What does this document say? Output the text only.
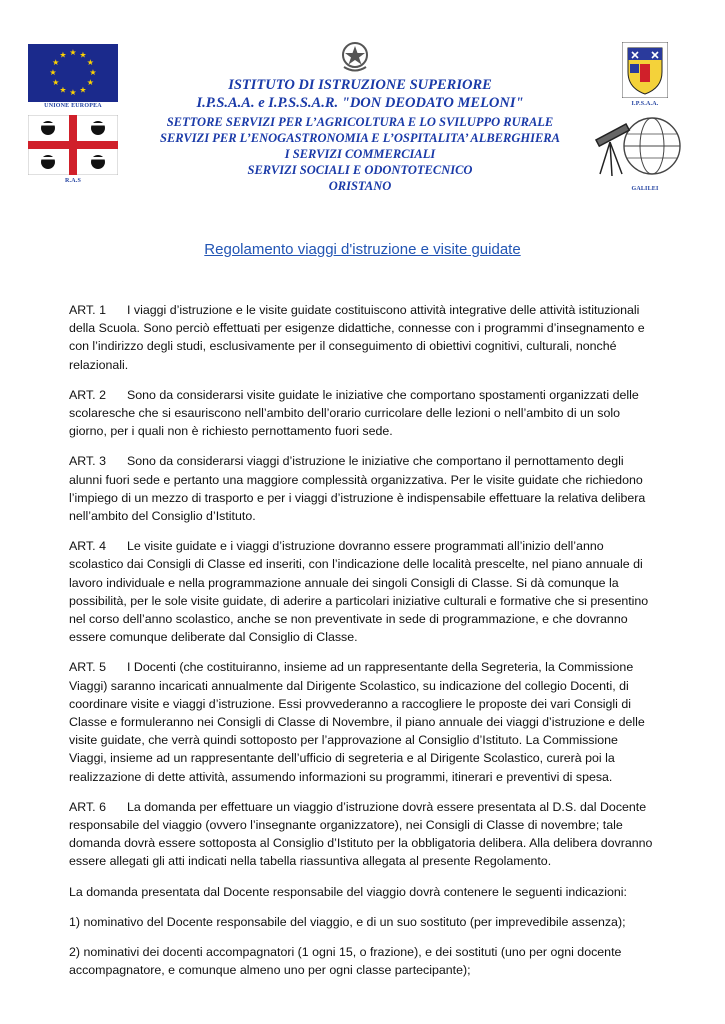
★ ★
★
★
★
★
★
★
★
★
★
★
UNIONE EUROPEA
R.A.S
ISTITUTO DI ISTRUZIONE SUPERIORE
I.P.S.A.A. e I.P.S.S.A.R. "DON DEODATO MELONI"
SETTORE SERVIZI PER L’AGRICOLTURA E LO SVILUPPO RURALE
SERVIZI PER L’ENOGASTRONOMIA E L’OSPITALITA’ ALBERGHIERA
I SERVIZI COMMERCIALI
SERVIZI SOCIALI E ODONTOTECNICO
ORISTANO
I.P.S.A.A.
GALILEI
Regolamento viaggi d'istruzione e visite guidate

ART. 1 I viaggi d’istruzione e le visite guidate costituiscono attività integrative delle attività istituzionali della Scuola. Sono perciò effettuati per esigenze didattiche, connesse con i programmi d’insegnamento e con l’indirizzo degli studi, esclusivamente per il conseguimento di obiettivi cognitivi, culturali, nonché relazionali.

ART. 2 Sono da considerarsi visite guidate le iniziative che comportano spostamenti organizzati delle scolaresche che si esauriscono nell’ambito dell’orario curricolare delle lezioni o nell’ambito di un solo giorno, per i quali non è richiesto pernottamento fuori sede.

ART. 3 Sono da considerarsi viaggi d’istruzione le iniziative che comportano il pernottamento degli alunni fuori sede e pertanto una maggiore complessità organizzativa. Per le visite guidate che richiedono l’impiego di un mezzo di trasporto e per i viaggi d’istruzione è indispensabile effettuare la relativa delibera nell’ambito del Consiglio d’Istituto.

ART. 4 Le visite guidate e i viaggi d’istruzione dovranno essere programmati all’inizio dell’anno scolastico dai Consigli di Classe ed inseriti, con l’indicazione delle località prescelte, nel piano annuale di lavoro individuale e nella programmazione annuale dei singoli Consigli di Classe. Si dà comunque la possibilità, per le sole visite guidate, di aderire a particolari iniziative culturali e formative che si presentino nel corso dell’anno scolastico, anche se non preventivate in sede di programmazione, e che dovranno essere comunque deliberate dal Consiglio di Classe.

ART. 5 I Docenti (che costituiranno, insieme ad un rappresentante della Segreteria, la Commissione Viaggi) saranno incaricati annualmente dal Dirigente Scolastico, su indicazione del collegio Docenti, di coordinare visite e viaggi d’istruzione. Essi provvederanno a raccogliere le proposte dei vari Consigli di Classe e formuleranno nei Consigli di Classe di Novembre, il piano annuale dei viaggi d’istruzione e delle visite guidate, che verrà quindi sottoposto per l’approvazione al Consiglio d’Istituto. La Commissione Viaggi, insieme ad un rappresentante dell’ufficio di segreteria e al Dirigente Scolastico, curerà poi la realizzazione di dette attività, assumendo informazioni su programmi, itinerari e preventivi di spesa.

ART. 6 La domanda per effettuare un viaggio d’istruzione dovrà essere presentata al D.S. dal Docente responsabile del viaggio (ovvero l’insegnante organizzatore), nei Consigli di Classe di novembre; tale domanda dovrà essere sottoposta al Consiglio d’Istituto per la obbligatoria delibera. Alla delibera dovranno essere allegati gli atti indicati nella tabella riassuntiva allegata al presente Regolamento.

La domanda presentata dal Docente responsabile del viaggio dovrà contenere le seguenti indicazioni:

1) nominativo del Docente responsabile del viaggio, e di un suo sostituto (per imprevedibile assenza);

2) nominativi dei docenti accompagnatori (1 ogni 15, o frazione), e dei sostituti (uno per ogni docente accompagnatore, e comunque almeno uno per ogni classe partecipante);
